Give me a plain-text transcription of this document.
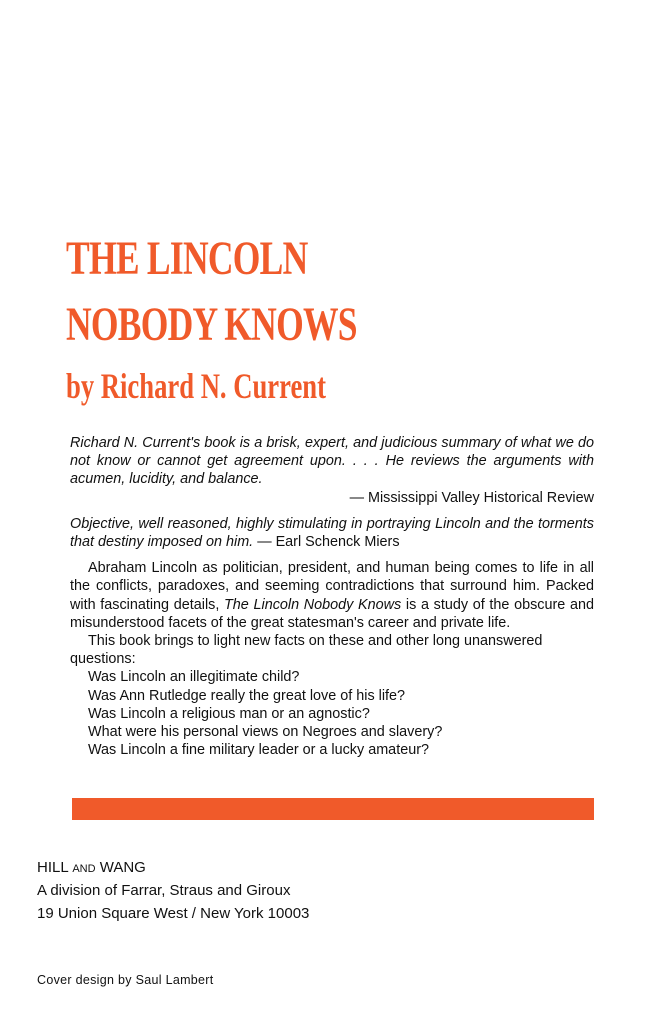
THE LINCOLN
NOBODY KNOWS
by Richard N. Current

Richard N. Current's book is a brisk, expert, and judicious summary of what we do not know or cannot get agreement upon. . . . He reviews the arguments with acumen, lucidity, and balance.

— Mississippi Valley Historical Review

Objective, well reasoned, highly stimulating in portraying Lincoln and the torments that destiny imposed on him. — Earl Schenck Miers

Abraham Lincoln as politician, president, and human being comes to life in all the conflicts, paradoxes, and seeming contradictions that surround him. Packed with fascinating details, The Lincoln Nobody Knows is a study of the obscure and misunderstood facets of the great statesman's career and private life.

This book brings to light new facts on these and other long unanswered questions:

Was Lincoln an illegitimate child?
Was Ann Rutledge really the great love of his life?
Was Lincoln a religious man or an agnostic?
What were his personal views on Negroes and slavery?
Was Lincoln a fine military leader or a lucky amateur?
HILL and WANG
A division of Farrar, Straus and Giroux
19 Union Square West / New York 10003
Cover design by Saul Lambert
